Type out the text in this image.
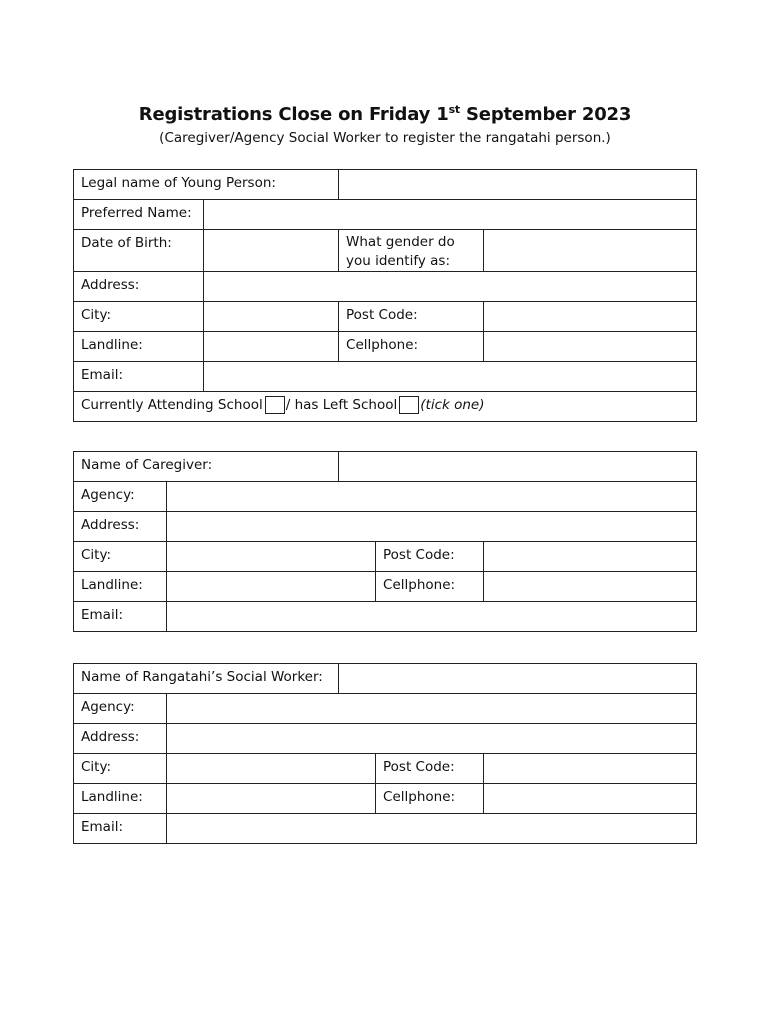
Registrations Close on Friday 1st September 2023
(Caregiver/Agency Social Worker to register the rangatahi person.)
Legal name of Young Person:			
Preferred Name:			
Date of Birth:		What gender do you identify as:	
Address:			
City:		Post Code:	
Landline:		Cellphone:	
Email:			
Currently Attending School / has Left School (tick one)			
Name of Caregiver:				
Agency:				
Address:				
City:			Post Code:	
Landline:			Cellphone:	
Email:				
Name of Rangatahi’s Social Worker:				
Agency:				
Address:				
City:			Post Code:	
Landline:			Cellphone:	
Email:				
